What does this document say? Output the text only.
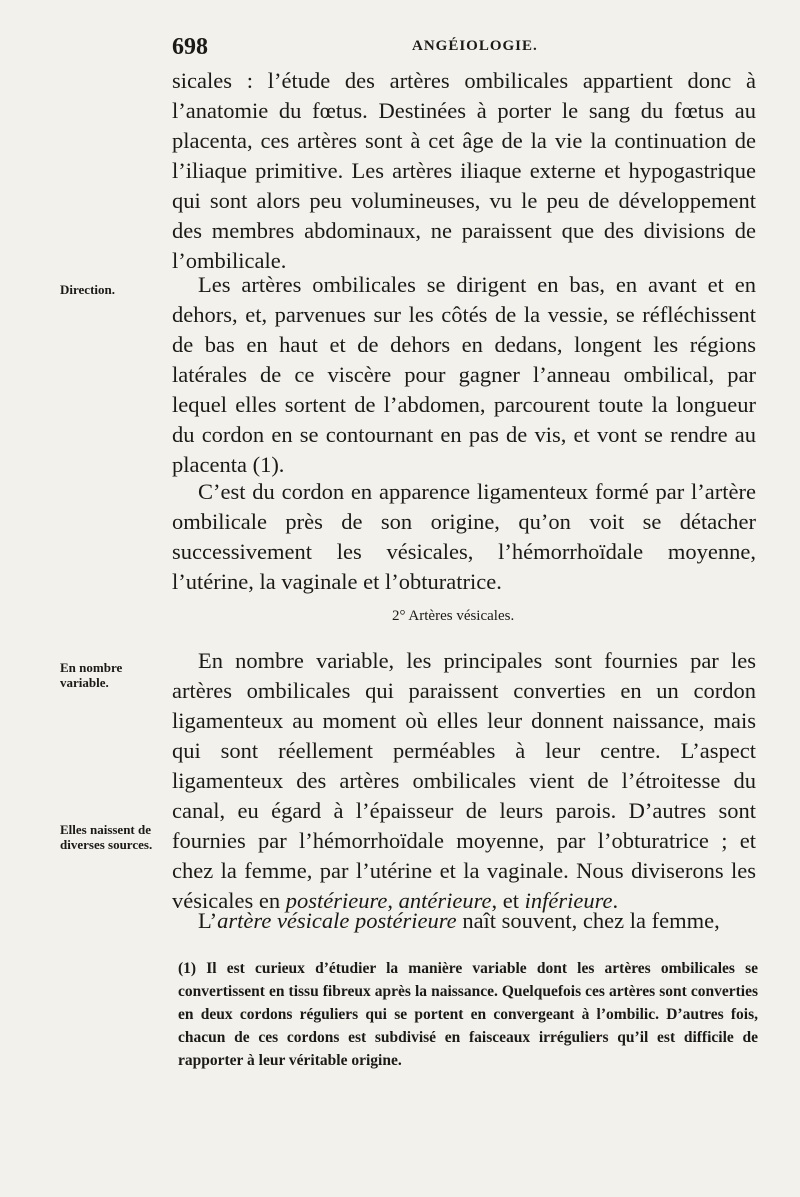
698	ANGÉIOLOGIE.

sicales : l’étude des artères ombilicales appartient donc à l’anatomie du fœtus. Destinées à porter le sang du fœtus au placenta, ces artères sont à cet âge de la vie la continuation de l’iliaque primitive. Les artères iliaque externe et hypogastrique qui sont alors peu volumineuses, vu le peu de développement des membres abdominaux, ne paraissent que des divisions de l’ombilicale.

Direction.	Les artères ombilicales se dirigent en bas, en avant et en dehors, et, parvenues sur les côtés de la vessie, se réfléchissent de bas en haut et de dehors en dedans, longent les régions latérales de ce viscère pour gagner l’anneau ombilical, par lequel elles sortent de l’abdomen, parcourent toute la longueur du cordon en se contournant en pas de vis, et vont se rendre au placenta (1).

C’est du cordon en apparence ligamenteux formé par l’artère ombilicale près de son origine, qu’on voit se détacher successivement les vésicales, l’hémorrhoïdale moyenne, l’utérine, la vaginale et l’obturatrice.

2° Artères vésicales.
En nombre variable.
Elles naissent de diverses sources.

En nombre variable, les principales sont fournies par les artères ombilicales qui paraissent converties en un cordon ligamenteux au moment où elles leur donnent naissance, mais qui sont réellement perméables à leur centre. L’aspect ligamenteux des artères ombilicales vient de l’étroitesse du canal, eu égard à l’épaisseur de leurs parois. D’autres sont fournies par l’hémorrhoïdale moyenne, par l’obturatrice ; et chez la femme, par l’utérine et la vaginale. Nous diviserons les vésicales en postérieure, antérieure, et inférieure.

L’artère vésicale postérieure naît souvent, chez la femme,

(1) Il est curieux d’étudier la manière variable dont les artères ombilicales se convertissent en tissu fibreux après la naissance. Quelquefois ces artères sont converties en deux cordons réguliers qui se portent en convergeant à l’ombilic. D’autres fois, chacun de ces cordons est subdivisé en faisceaux irréguliers qu’il est difficile de rapporter à leur véritable origine.
